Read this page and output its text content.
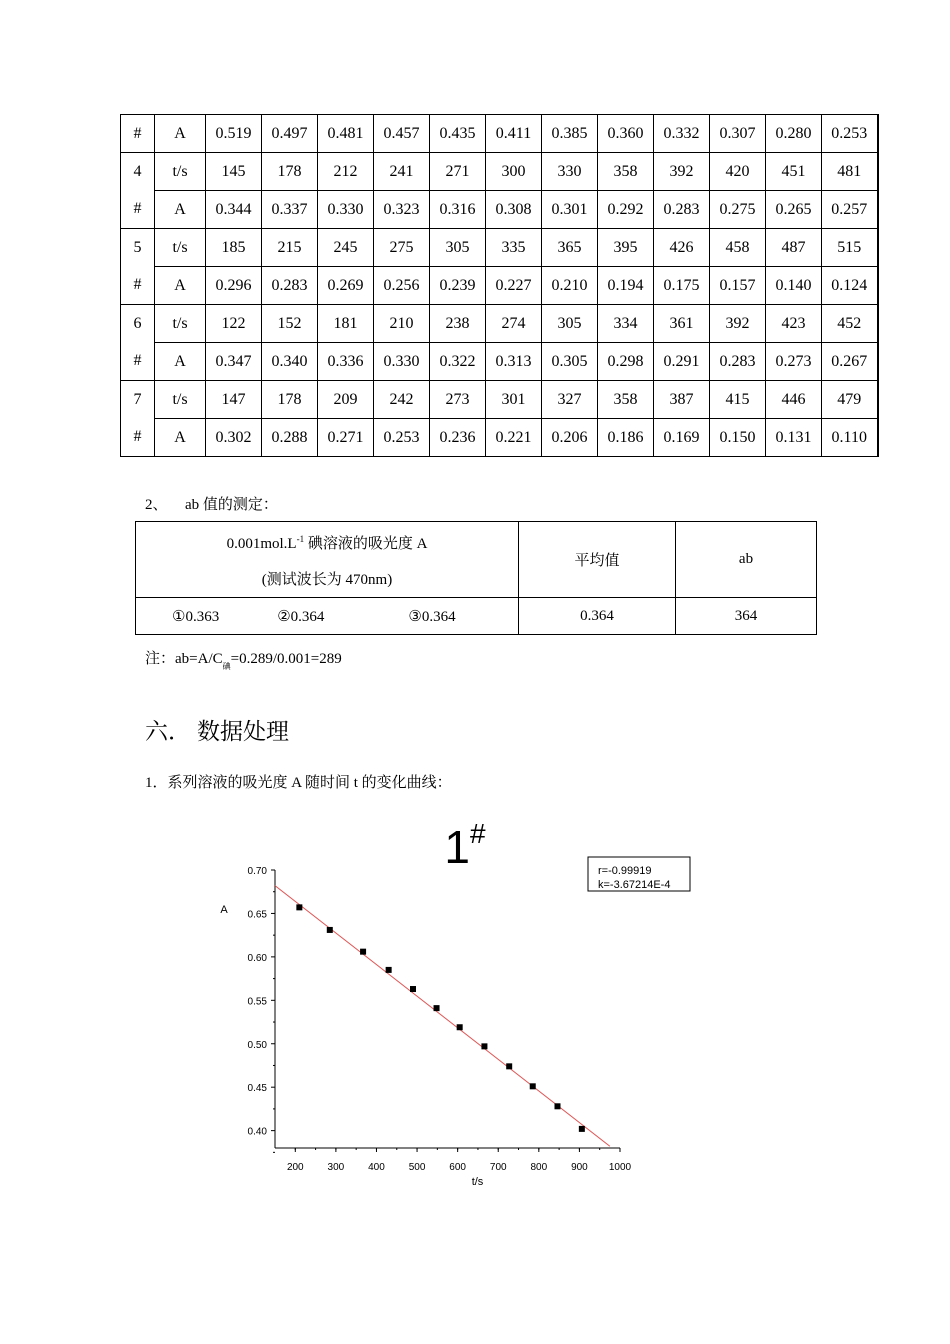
#	A	0.519	0.497	0.481	0.457	0.435	0.411	0.385	0.360	0.332	0.307	0.280	0.253
4	t/s	145	178	212	241	271	300	330	358	392	420	451	481
#	A	0.344	0.337	0.330	0.323	0.316	0.308	0.301	0.292	0.283	0.275	0.265	0.257
5	t/s	185	215	245	275	305	335	365	395	426	458	487	515
#	A	0.296	0.283	0.269	0.256	0.239	0.227	0.210	0.194	0.175	0.157	0.140	0.124
6	t/s	122	152	181	210	238	274	305	334	361	392	423	452
#	A	0.347	0.340	0.336	0.330	0.322	0.313	0.305	0.298	0.291	0.283	0.273	0.267
7	t/s	147	178	209	242	273	301	327	358	387	415	446	479
#	A	0.302	0.288	0.271	0.253	0.236	0.221	0.206	0.186	0.169	0.150	0.131	0.110
2、 ab 值的测定：
$0.001mol.L^{-1}$ 碘溶液的吸光度 A
(测试波长为 470nm)	平均值	ab
①0.363 ②0.364 ③0.364	0.364	364
注：$ab=A/C_碘=0.289/0.001=289$
六． 数据处理
1．系列溶液的吸光度 A 随时间 t 的变化曲线：
1#
200 300 400 500 600 700 800 900 1000
0.40
0.45
0.50
0.55
0.60
0.65
0.70	r=-0.99919
k=-3.67214E-4
t/s
A
